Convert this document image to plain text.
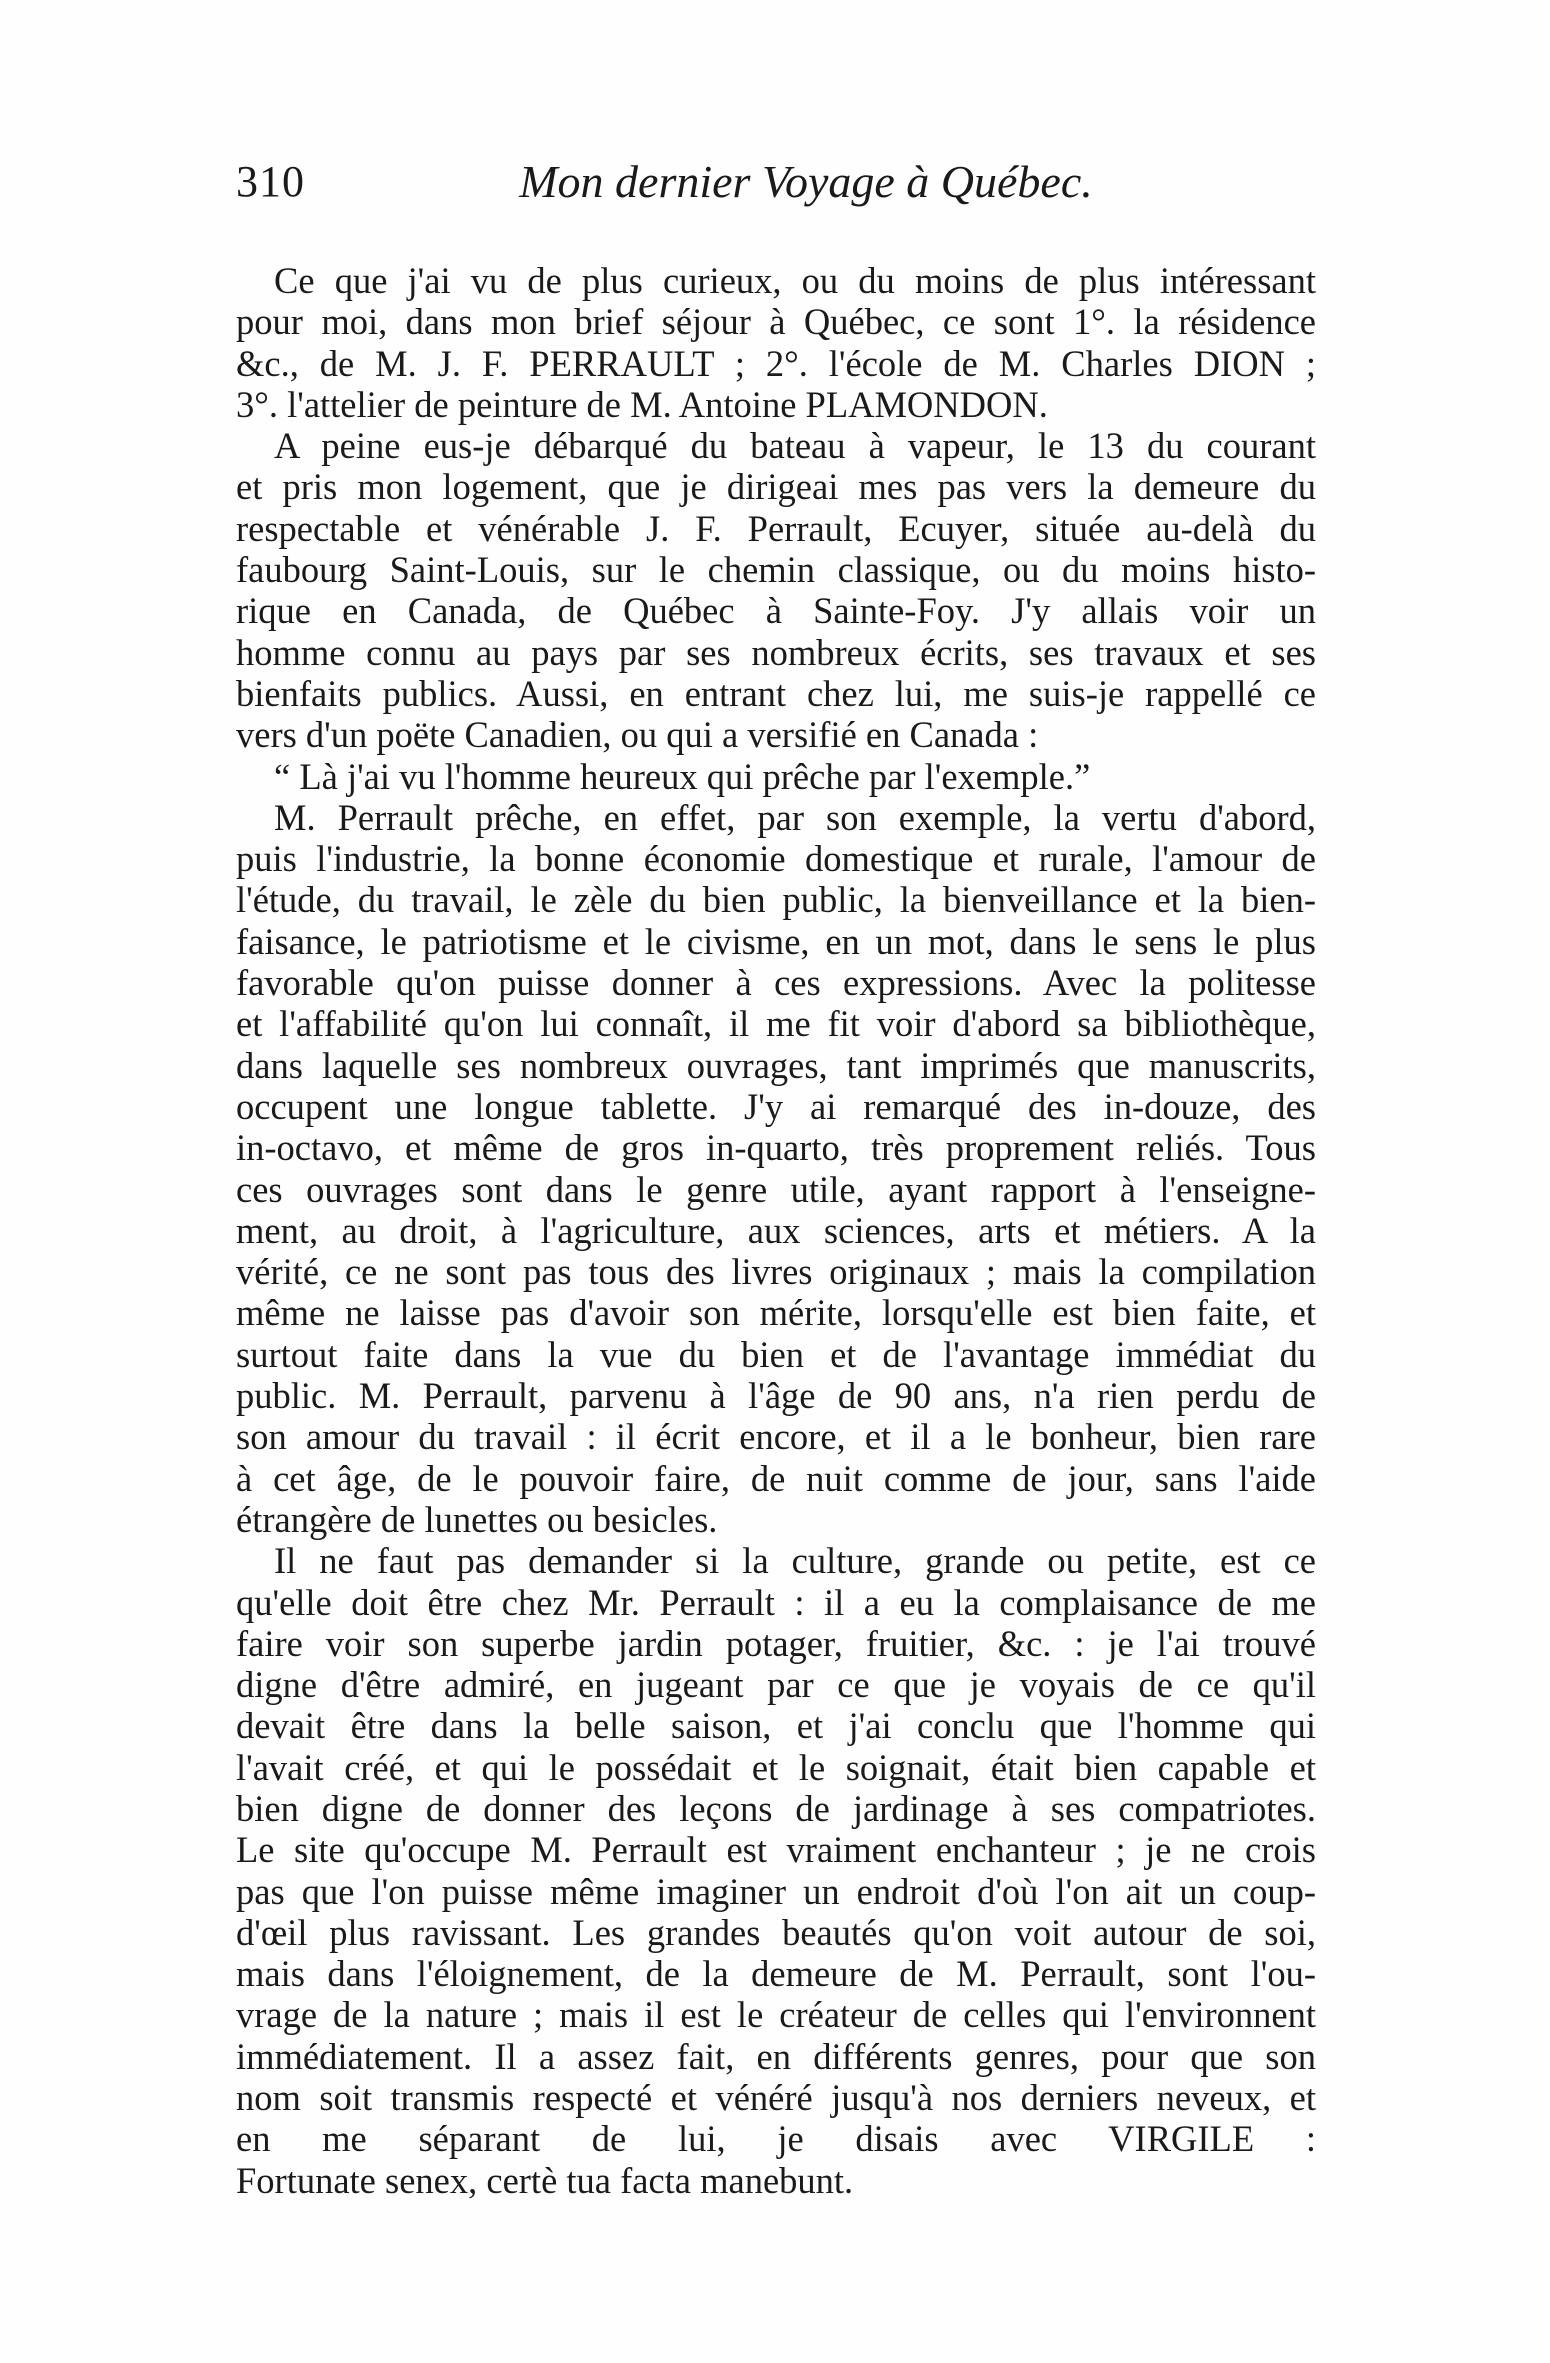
310	Mon dernier Voyage à Québec.
Ce que j'ai vu de plus curieux, ou du moins de plus intéressant
pour moi, dans mon brief séjour à Québec, ce sont 1°. la résidence
&c., de M. J. F. PERRAULT ; 2°. l'école de M. Charles DION ;
3°. l'attelier de peinture de M. Antoine PLAMONDON.
A peine eus-je débarqué du bateau à vapeur, le 13 du courant
et pris mon logement, que je dirigeai mes pas vers la demeure du
respectable et vénérable J. F. Perrault, Ecuyer, située au-delà du
faubourg Saint-Louis, sur le chemin classique, ou du moins histo-
rique en Canada, de Québec à Sainte-Foy. J'y allais voir un
homme connu au pays par ses nombreux écrits, ses travaux et ses
bienfaits publics. Aussi, en entrant chez lui, me suis-je rappellé ce
vers d'un poëte Canadien, ou qui a versifié en Canada :
“ Là j'ai vu l'homme heureux qui prêche par l'exemple.”
M. Perrault prêche, en effet, par son exemple, la vertu d'abord,
puis l'industrie, la bonne économie domestique et rurale, l'amour de
l'étude, du travail, le zèle du bien public, la bienveillance et la bien-
faisance, le patriotisme et le civisme, en un mot, dans le sens le plus
favorable qu'on puisse donner à ces expressions. Avec la politesse
et l'affabilité qu'on lui connaît, il me fit voir d'abord sa bibliothèque,
dans laquelle ses nombreux ouvrages, tant imprimés que manuscrits,
occupent une longue tablette. J'y ai remarqué des in-douze, des
in-octavo, et même de gros in-quarto, très proprement reliés. Tous
ces ouvrages sont dans le genre utile, ayant rapport à l'enseigne-
ment, au droit, à l'agriculture, aux sciences, arts et métiers. A la
vérité, ce ne sont pas tous des livres originaux ; mais la compilation
même ne laisse pas d'avoir son mérite, lorsqu'elle est bien faite, et
surtout faite dans la vue du bien et de l'avantage immédiat du
public. M. Perrault, parvenu à l'âge de 90 ans, n'a rien perdu de
son amour du travail : il écrit encore, et il a le bonheur, bien rare
à cet âge, de le pouvoir faire, de nuit comme de jour, sans l'aide
étrangère de lunettes ou besicles.
Il ne faut pas demander si la culture, grande ou petite, est ce
qu'elle doit être chez Mr. Perrault : il a eu la complaisance de me
faire voir son superbe jardin potager, fruitier, &c. : je l'ai trouvé
digne d'être admiré, en jugeant par ce que je voyais de ce qu'il
devait être dans la belle saison, et j'ai conclu que l'homme qui
l'avait créé, et qui le possédait et le soignait, était bien capable et
bien digne de donner des leçons de jardinage à ses compatriotes.
Le site qu'occupe M. Perrault est vraiment enchanteur ; je ne crois
pas que l'on puisse même imaginer un endroit d'où l'on ait un coup-
d'œil plus ravissant. Les grandes beautés qu'on voit autour de soi,
mais dans l'éloignement, de la demeure de M. Perrault, sont l'ou-
vrage de la nature ; mais il est le créateur de celles qui l'environnent
immédiatement. Il a assez fait, en différents genres, pour que son
nom soit transmis respecté et vénéré jusqu'à nos derniers neveux, et
en me séparant de lui, je disais avec VIRGILE :
Fortunate senex, certè tua facta manebunt.
